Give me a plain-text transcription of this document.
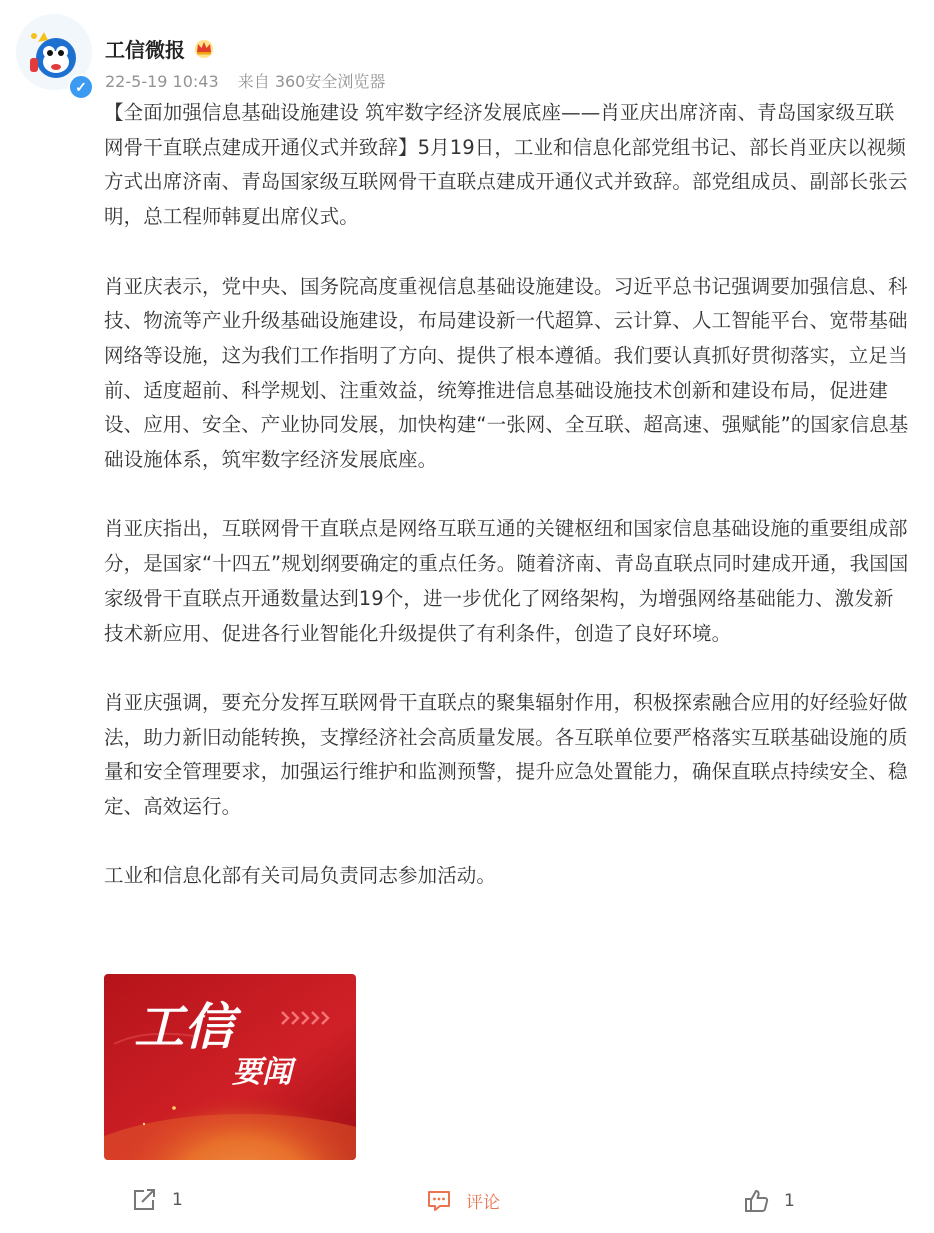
✓
工信微报
22-5-19 10:43 来自 360安全浏览器

【全面加强信息基础设施建设 筑牢数字经济发展底座——肖亚庆出席济南、青岛国家级互联网骨干直联点建成开通仪式并致辞】5月19日，工业和信息化部党组书记、部长肖亚庆以视频方式出席济南、青岛国家级互联网骨干直联点建成开通仪式并致辞。部党组成员、副部长张云明，总工程师韩夏出席仪式。

肖亚庆表示，党中央、国务院高度重视信息基础设施建设。习近平总书记强调要加强信息、科技、物流等产业升级基础设施建设，布局建设新一代超算、云计算、人工智能平台、宽带基础网络等设施，这为我们工作指明了方向、提供了根本遵循。我们要认真抓好贯彻落实，立足当前、适度超前、科学规划、注重效益，统筹推进信息基础设施技术创新和建设布局，促进建设、应用、安全、产业协同发展，加快构建“一张网、全互联、超高速、强赋能”的国家信息基础设施体系，筑牢数字经济发展底座。

肖亚庆指出，互联网骨干直联点是网络互联互通的关键枢纽和国家信息基础设施的重要组成部分，是国家“十四五”规划纲要确定的重点任务。随着济南、青岛直联点同时建成开通，我国国家级骨干直联点开通数量达到19个，进一步优化了网络架构，为增强网络基础能力、激发新技术新应用、促进各行业智能化升级提供了有利条件，创造了良好环境。

肖亚庆强调，要充分发挥互联网骨干直联点的聚集辐射作用，积极探索融合应用的好经验好做法，助力新旧动能转换，支撑经济社会高质量发展。各互联单位要严格落实互联基础设施的质量和安全管理要求，加强运行维护和监测预警，提升应急处置能力，确保直联点持续安全、稳定、高效运行。

工业和信息化部有关司局负责同志参加活动。

工信
要闻
1	评论	1
